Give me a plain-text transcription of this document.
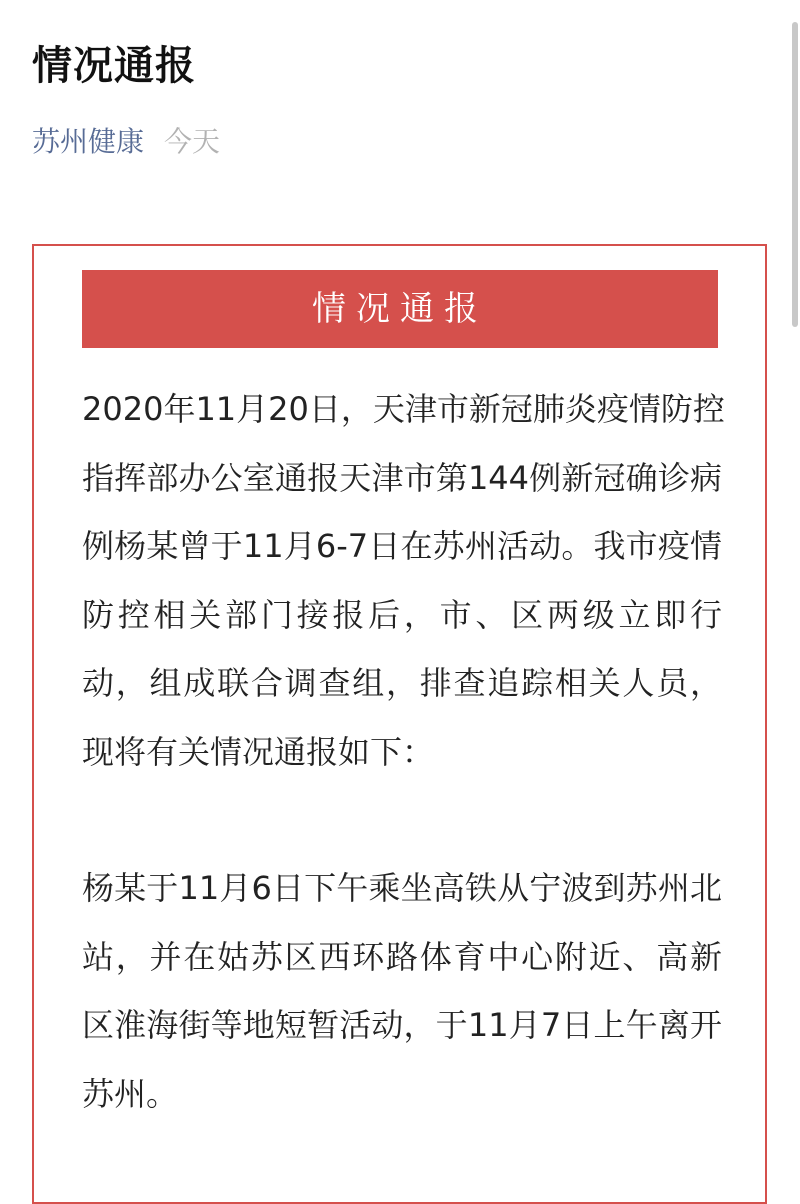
情况通报
苏州健康 今天
情况通报
2020年11月20日，天津市新冠肺炎疫情防控
指挥部办公室通报天津市第144例新冠确诊病
例杨某曾于11月6-7日在苏州活动。我市疫情
防控相关部门接报后，市、区两级立即行
动，组成联合调查组，排查追踪相关人员，
现将有关情况通报如下：
杨某于11月6日下午乘坐高铁从宁波到苏州北
站，并在姑苏区西环路体育中心附近、高新
区淮海街等地短暂活动，于11月7日上午离开
苏州。
